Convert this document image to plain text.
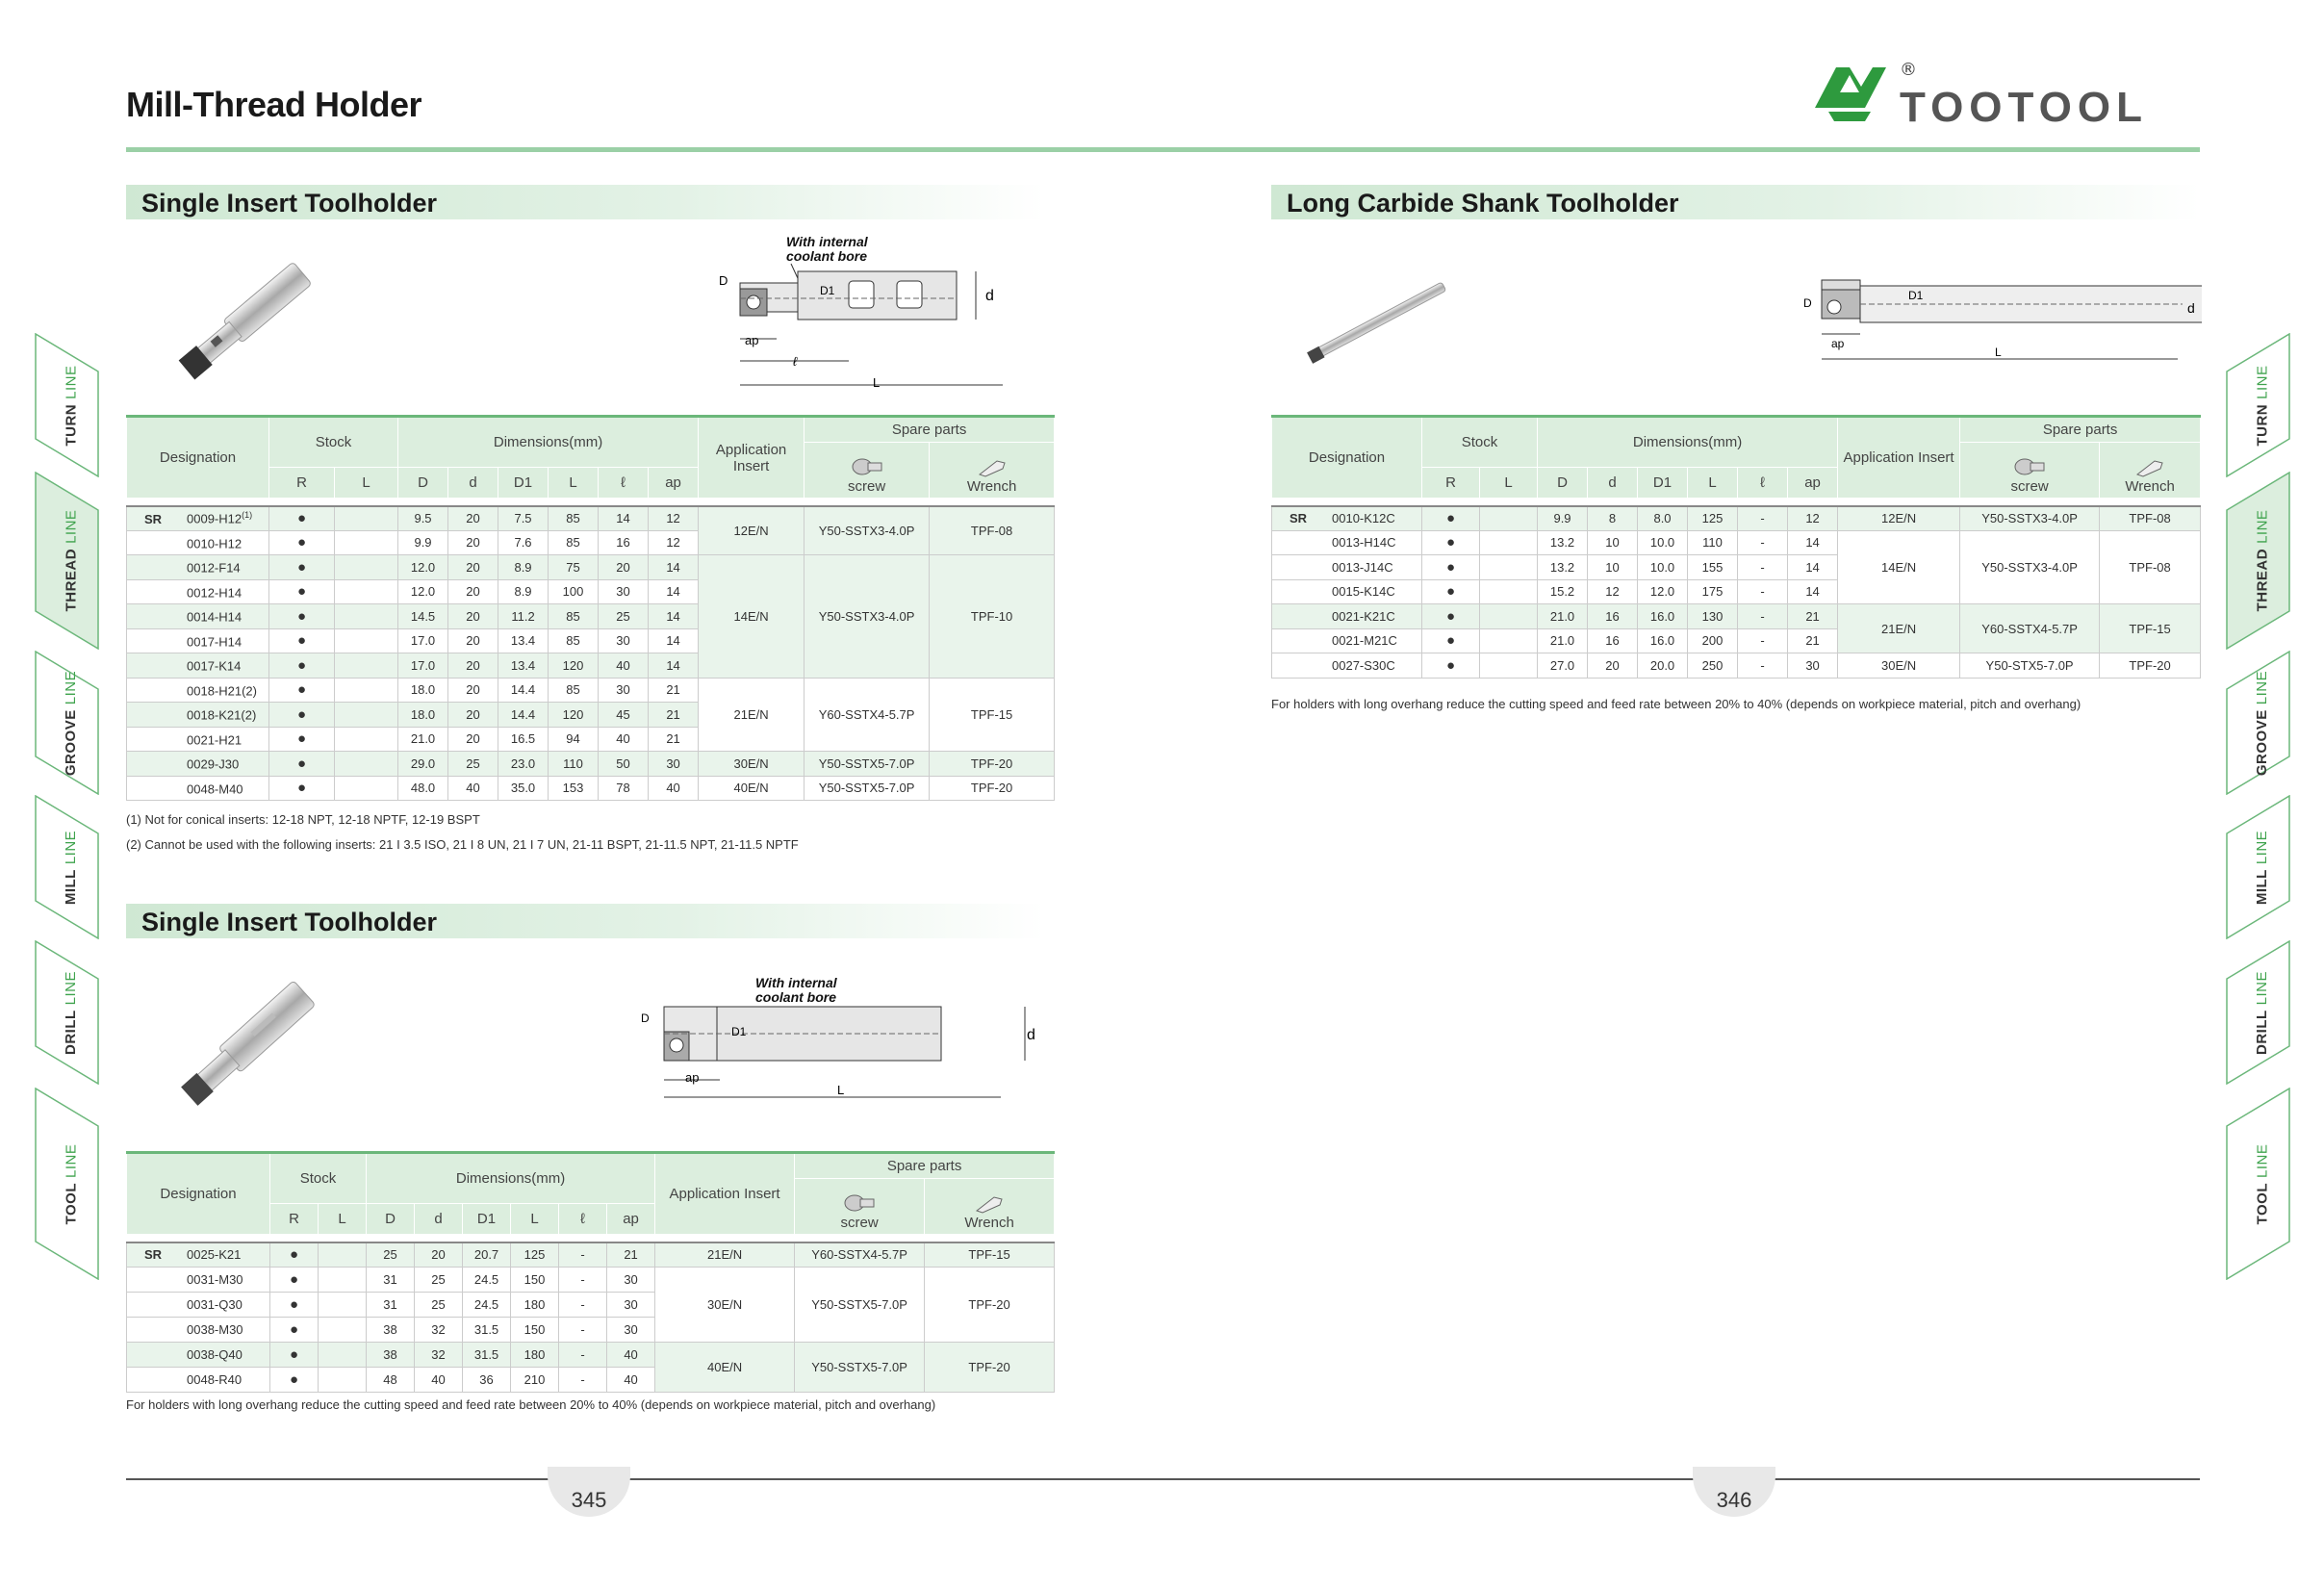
Mill-Thread Holder
®
TOOTOOL
TURNLINE
THREADLINE
GROOVELINE
MILLLINE
DRILLLINE
TOOLLINE
TURNLINE
THREADLINE
GROOVELINE
MILLLINE
DRILLLINE
TOOLLINE
Single Insert Toolholder
With internal
coolant bore
D
D1	d
ap
ℓ
L
Designation	Stock		Dimensions(mm)						Application Insert	Spare parts	

										screw	Wrench

	R	L	D	d	D1	L	ℓ	ap			

SR 0009-H12$^{(1)}$	●		9.5	20	7.5	85	14	12	12E/N	Y50-SSTX3-4.0P	TPF-08
0010-H12	●		9.9	20	7.6	85	16	12			
0012-F14	●		12.0	20	8.9	75	20	14	14E/N	Y50-SSTX3-4.0P	TPF-10
0012-H14	●		12.0	20	8.9	100	30	14			
0014-H14	●		14.5	20	11.2	85	25	14			
0017-H14	●		17.0	20	13.4	85	30	14			
0017-K14	●		17.0	20	13.4	120	40	14			
0018-H21(2)	●		18.0	20	14.4	85	30	21	21E/N	Y60-SSTX4-5.7P	TPF-15
0018-K21(2)	●		18.0	20	14.4	120	45	21			
0021-H21	●		21.0	20	16.5	94	40	21			
0029-J30	●		29.0	25	23.0	110	50	30	30E/N	Y50-SSTX5-7.0P	TPF-20
0048-M40	●		48.0	40	35.0	153	78	40	40E/N	Y50-SSTX5-7.0P	TPF-20
(1) Not for conical inserts: 12-18 NPT, 12-18 NPTF, 12-19 BSPT
(2) Cannot be used with the following inserts: 21 I 3.5 ISO, 21 I 8 UN, 21 I 7 UN, 21-11 BSPT, 21-11.5 NPT, 21-11.5 NPTF
Single Insert Toolholder
With internal
coolant bore
D
D1	d
ap
L
Designation	Stock		Dimensions(mm)						Application Insert	Spare parts	

										screw	Wrench

	R	L	D	d	D1	L	ℓ	ap			

SR 0025-K21	●		25	20	20.7	125	-	21	21E/N	Y60-SSTX4-5.7P	TPF-15
0031-M30	●		31	25	24.5	150	-	30	30E/N	Y50-SSTX5-7.0P	TPF-20
0031-Q30	●		31	25	24.5	180	-	30			
0038-M30	●		38	32	31.5	150	-	30			
0038-Q40	●		38	32	31.5	180	-	40	40E/N	Y50-SSTX5-7.0P	TPF-20
0048-R40	●		48	40	36	210	-	40			
For holders with long overhang reduce the cutting speed and feed rate between 20% to 40% (depends on workpiece material, pitch and overhang)
Long Carbide Shank Toolholder
D
D1
d
ap
L
Designation	Stock		Dimensions(mm)						Application Insert	Spare parts	

										screw	Wrench

	R	L	D	d	D1	L	ℓ	ap			

SR 0010-K12C	●		9.9	8	8.0	125	-	12	12E/N	Y50-SSTX3-4.0P	TPF-08
0013-H14C	●		13.2	10	10.0	110	-	14	14E/N	Y50-SSTX3-4.0P	TPF-08
0013-J14C	●		13.2	10	10.0	155	-	14			
0015-K14C	●		15.2	12	12.0	175	-	14			
0021-K21C	●		21.0	16	16.0	130	-	21	21E/N	Y60-SSTX4-5.7P	TPF-15
0021-M21C	●		21.0	16	16.0	200	-	21			
0027-S30C	●		27.0	20	20.0	250	-	30	30E/N	Y50-STX5-7.0P	TPF-20
For holders with long overhang reduce the cutting speed and feed rate between 20% to 40% (depends on workpiece material, pitch and overhang)
345	346
